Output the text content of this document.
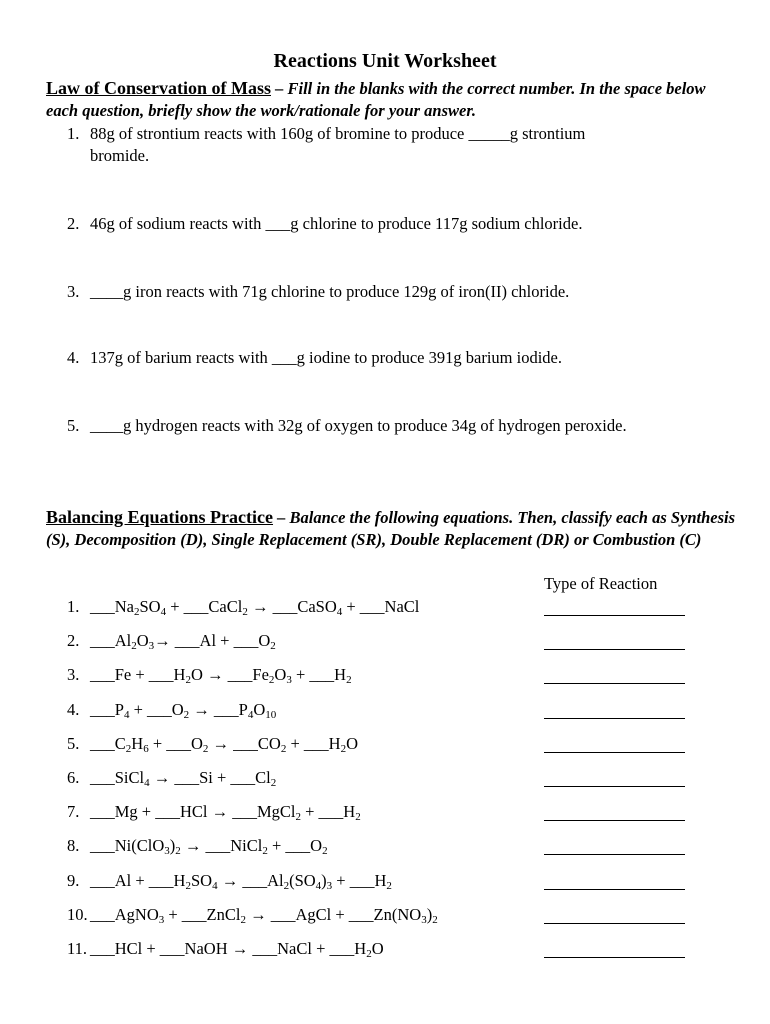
Reactions Unit Worksheet
Law of Conservation of Mass – Fill in the blanks with the correct number. In the space below each question, briefly show the work/rationale for your answer.
1. 88g of strontium reacts with 160g of bromine to produce _____g strontium
bromide.
2. 46g of sodium reacts with ___g chlorine to produce 117g sodium chloride.
3. ____g iron reacts with 71g chlorine to produce 129g of iron(II) chloride.
4. 137g of barium reacts with ___g iodine to produce 391g barium iodide.
5. ____g hydrogen reacts with 32g of oxygen to produce 34g of hydrogen peroxide.
Balancing Equations Practice – Balance the following equations. Then, classify each as Synthesis (S), Decomposition (D), Single Replacement (SR), Double Replacement (DR) or Combustion (C)
Type of Reaction
1. $\_\_\_Na_2SO_4$ + ___CaCl$_2$ → ___CaSO$_4$ + ___NaCl
2. $\_\_\_Al_2O_3\to$ ___Al + $\_\_\_O_2$
3. ___Fe + $\_\_\_H_2O$ → $\_\_\_Fe_2O_3$ + $\_\_\_H_2$
4. $\_\_\_P_4$ + $\_\_\_O_2$ → $\_\_\_P_4O_{10}$
5. $\_\_\_C_2H_6$ + $\_\_\_O_2$ → $\_\_\_CO_2$ + $\_\_\_H_2O$
6. ___SiCl$_4$ → ___Si + $\_\_\_Cl_2$
7. ___Mg + ___HCl → ___MgCl$_2$ + $\_\_\_H_2$
8. $\_\_\_Ni(ClO_3)_2$ → ___NiCl$_2$ + $\_\_\_O_2$
9. ___Al + $\_\_\_H_2SO_4$ → $\_\_\_Al_2(SO_4)_3$ + $\_\_\_H_2$
10. ___AgNO$_3$ + ___ZnCl$_2$ → ___AgCl + $\_\_\_Zn(NO_3)_2$
11. ___HCl + ___NaOH → ___NaCl + $\_\_\_H_2O$
